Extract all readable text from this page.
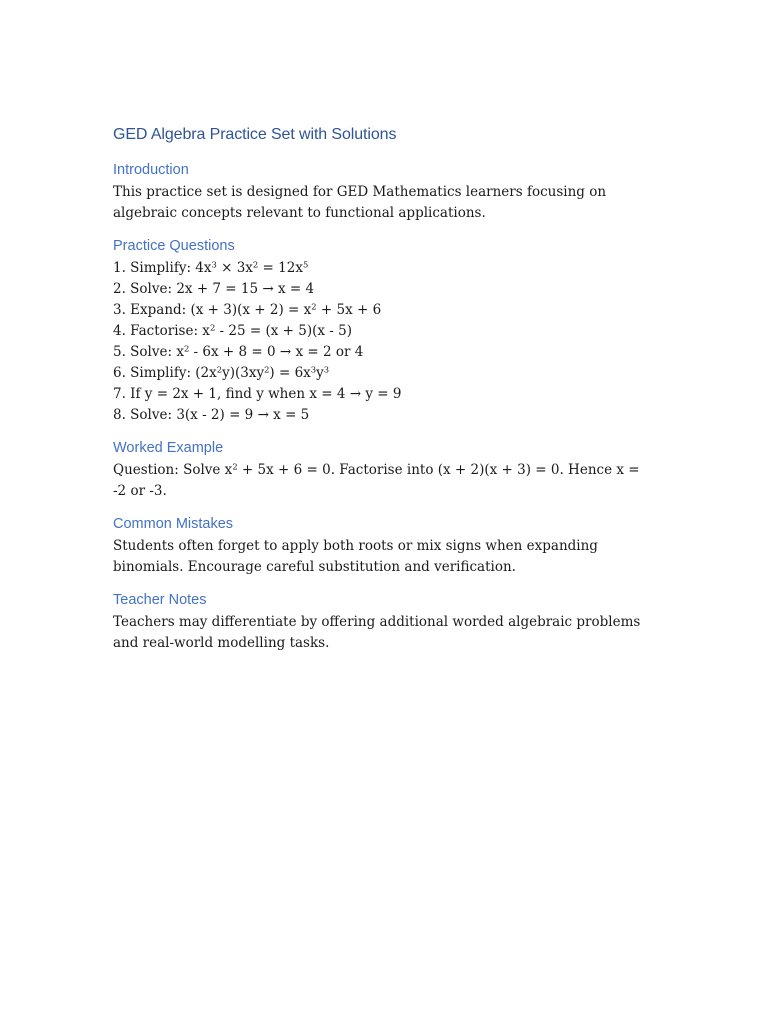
GED Algebra Practice Set with Solutions
Introduction

This practice set is designed for GED Mathematics learners focusing on algebraic concepts relevant to functional applications.

Practice Questions
1. Simplify: $4x^3 \times 3x^2 = 12x^5$
2. Solve: 2x + 7 = 15 → x = 4
3. Expand: $(x + 3)(x + 2) = x^2 + 5x + 6$
4. Factorise: $x^2 - 25 = (x + 5)(x - 5)$
5. Solve: $x^2 - 6x + 8 = 0 \to x = 2$ or 4
6. Simplify: $(2x^2y)(3xy^2) = 6x^3y^3$
7. If y = 2x + 1, find y when x = 4 → y = 9
8. Solve: 3(x - 2) = 9 → x = 5
Worked Example

Question: Solve $x^2 + 5x + 6 = 0$. Factorise into (x + 2)(x + 3) = 0. Hence x = -2 or -3.

Common Mistakes

Students often forget to apply both roots or mix signs when expanding binomials. Encourage careful substitution and verification.

Teacher Notes

Teachers may differentiate by offering additional worded algebraic problems and real-world modelling tasks.
